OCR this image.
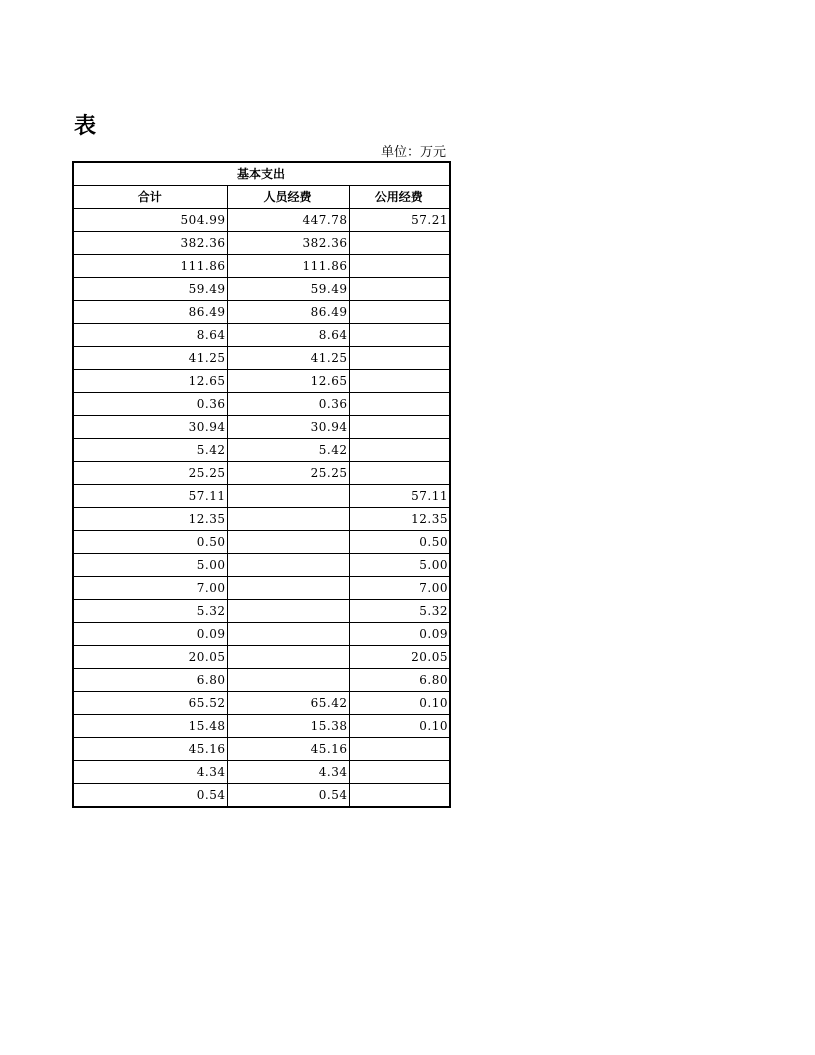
表
单位：万元
基本支出		
合计	人员经费	公用经费
504.99	447.78	57.21
382.36	382.36	
111.86	111.86	
59.49	59.49	
86.49	86.49	
8.64	8.64	
41.25	41.25	
12.65	12.65	
0.36	0.36	
30.94	30.94	
5.42	5.42	
25.25	25.25	
57.11		57.11
12.35		12.35
0.50		0.50
5.00		5.00
7.00		7.00
5.32		5.32
0.09		0.09
20.05		20.05
6.80		6.80
65.52	65.42	0.10
15.48	15.38	0.10
45.16	45.16	
4.34	4.34	
0.54	0.54	
